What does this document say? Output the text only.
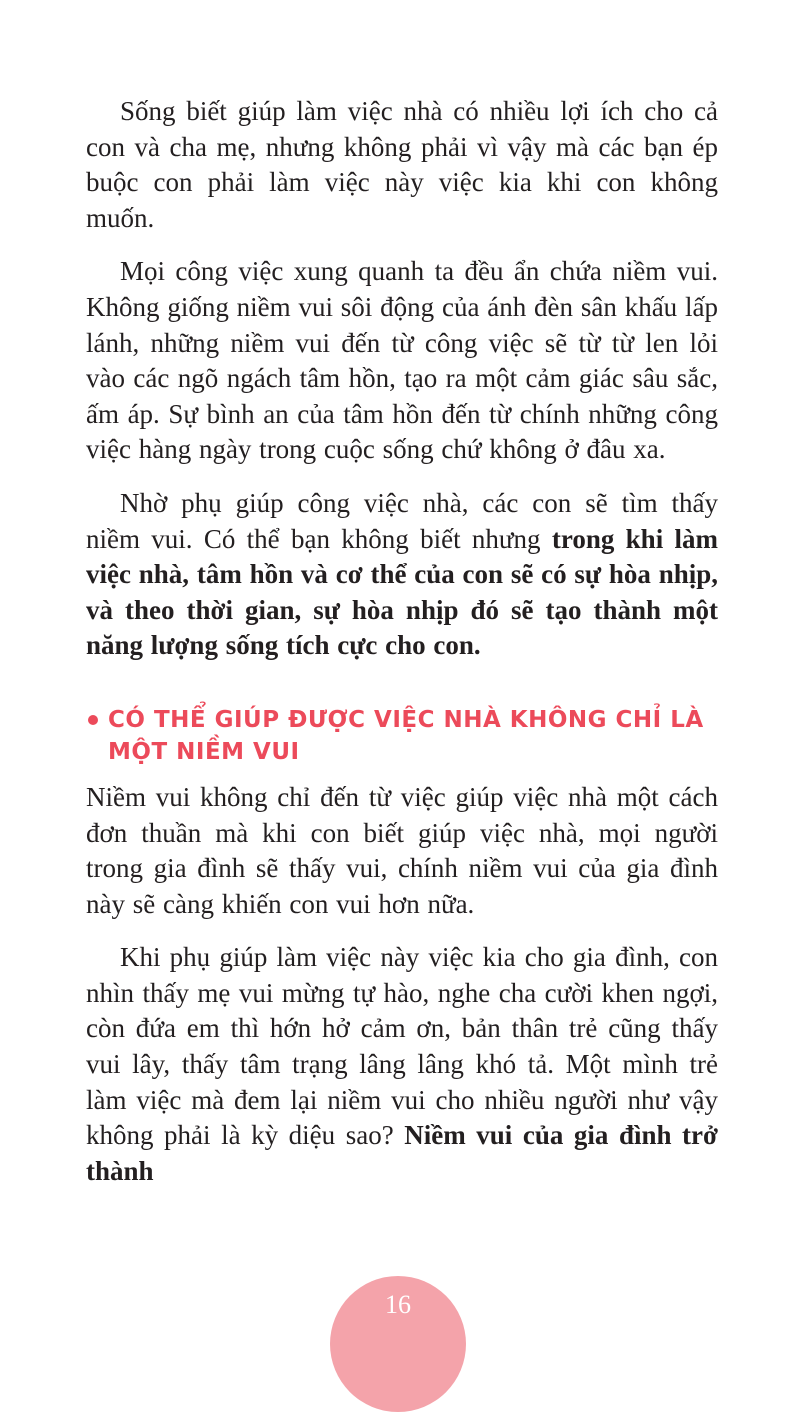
Sống biết giúp làm việc nhà có nhiều lợi ích cho cả con và cha mẹ, nhưng không phải vì vậy mà các bạn ép buộc con phải làm việc này việc kia khi con không muốn.

Mọi công việc xung quanh ta đều ẩn chứa niềm vui. Không giống niềm vui sôi động của ánh đèn sân khấu lấp lánh, những niềm vui đến từ công việc sẽ từ từ len lỏi vào các ngõ ngách tâm hồn, tạo ra một cảm giác sâu sắc, ấm áp. Sự bình an của tâm hồn đến từ chính những công việc hàng ngày trong cuộc sống chứ không ở đâu xa.

Nhờ phụ giúp công việc nhà, các con sẽ tìm thấy niềm vui. Có thể bạn không biết nhưng trong khi làm việc nhà, tâm hồn và cơ thể của con sẽ có sự hòa nhịp, và theo thời gian, sự hòa nhịp đó sẽ tạo thành một năng lượng sống tích cực cho con.

CÓ THỂ GIÚP ĐƯỢC VIỆC NHÀ KHÔNG CHỈ LÀ MỘT NIỀM VUI

Niềm vui không chỉ đến từ việc giúp việc nhà một cách đơn thuần mà khi con biết giúp việc nhà, mọi người trong gia đình sẽ thấy vui, chính niềm vui của gia đình này sẽ càng khiến con vui hơn nữa.

Khi phụ giúp làm việc này việc kia cho gia đình, con nhìn thấy mẹ vui mừng tự hào, nghe cha cười khen ngợi, còn đứa em thì hớn hở cảm ơn, bản thân trẻ cũng thấy vui lây, thấy tâm trạng lâng lâng khó tả. Một mình trẻ làm việc mà đem lại niềm vui cho nhiều người như vậy không phải là kỳ diệu sao? Niềm vui của gia đình trở thành

16
